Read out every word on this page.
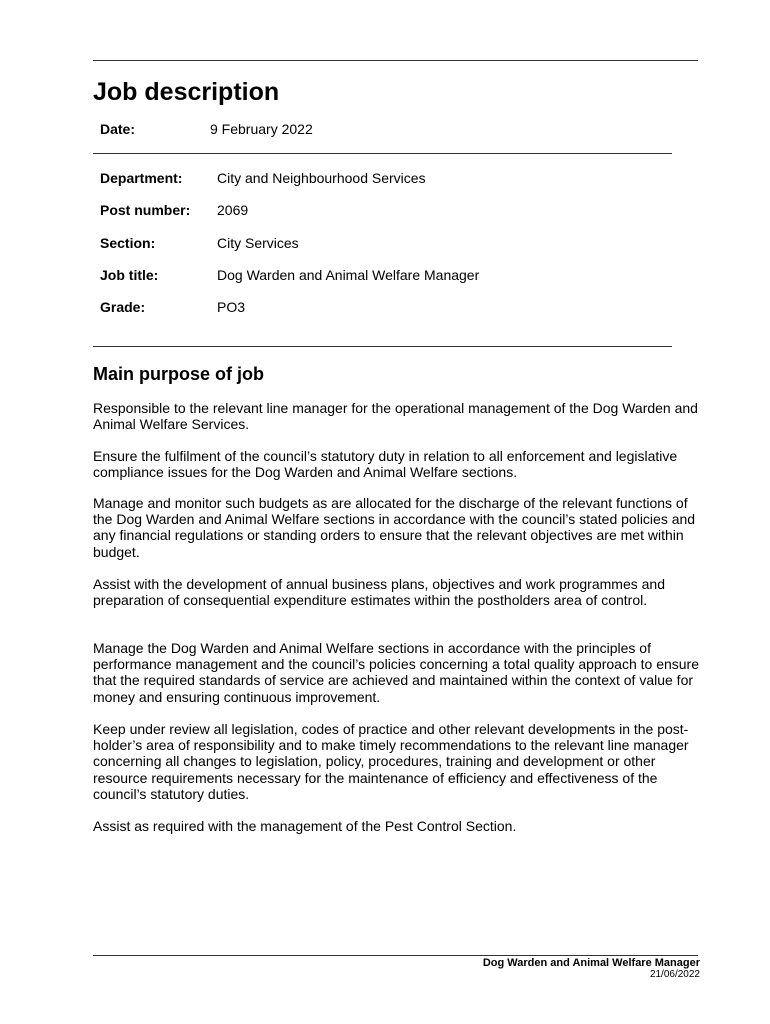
Job description
Date:	9 February 2022
Department: City and Neighbourhood Services
Post number: 2069
Section:	City Services
Job title:	Dog Warden and Animal Welfare Manager
Grade:	PO3
Main purpose of job

Responsible to the relevant line manager for the operational management of the Dog Warden and Animal Welfare Services.

Ensure the fulfilment of the council’s statutory duty in relation to all enforcement and legislative compliance issues for the Dog Warden and Animal Welfare sections.

Manage and monitor such budgets as are allocated for the discharge of the relevant functions of the Dog Warden and Animal Welfare sections in accordance with the council’s stated policies and any financial regulations or standing orders to ensure that the relevant objectives are met within budget.

Assist with the development of annual business plans, objectives and work programmes and preparation of consequential expenditure estimates within the postholders area of control.

Manage the Dog Warden and Animal Welfare sections in accordance with the principles of performance management and the council’s policies concerning a total quality approach to ensure that the required standards of service are achieved and maintained within the context of value for money and ensuring continuous improvement.

Keep under review all legislation, codes of practice and other relevant developments in the post-holder’s area of responsibility and to make timely recommendations to the relevant line manager concerning all changes to legislation, policy, procedures, training and development or other resource requirements necessary for the maintenance of efficiency and effectiveness of the council’s statutory duties.

Assist as required with the management of the Pest Control Section.

Dog Warden and Animal Welfare Manager
21/06/2022
